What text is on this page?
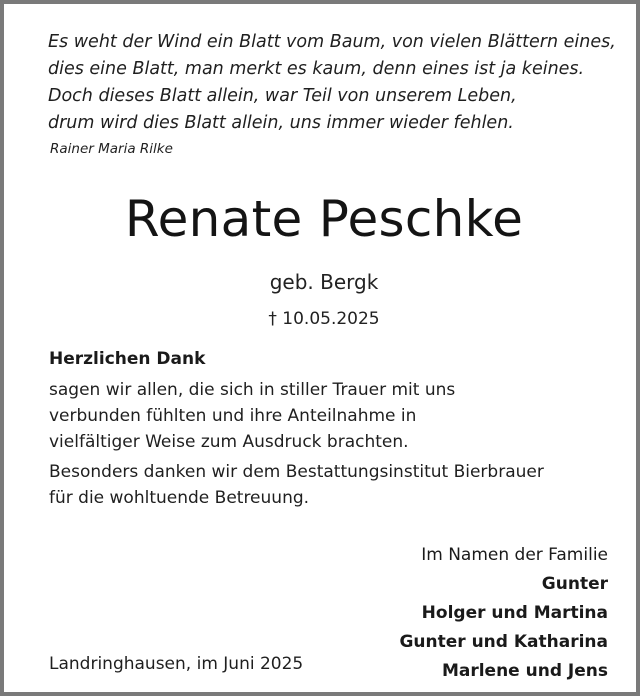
Es weht der Wind ein Blatt vom Baum, von vielen Blättern eines,
dies eine Blatt, man merkt es kaum, denn eines ist ja keines.
Doch dieses Blatt allein, war Teil von unserem Leben,
drum wird dies Blatt allein, uns immer wieder fehlen.
Rainer Maria Rilke
Renate Peschke
geb. Bergk
† 10.05.2025
Herzlichen Dank
sagen wir allen, die sich in stiller Trauer mit uns
verbunden fühlten und ihre Anteilnahme in
vielfältiger Weise zum Ausdruck brachten.
Besonders danken wir dem Bestattungsinstitut Bierbrauer
für die wohltuende Betreuung.
Im Namen der Familie
Gunter
Holger und Martina
Gunter und Katharina
Marlene und Jens
Landringhausen, im Juni 2025
